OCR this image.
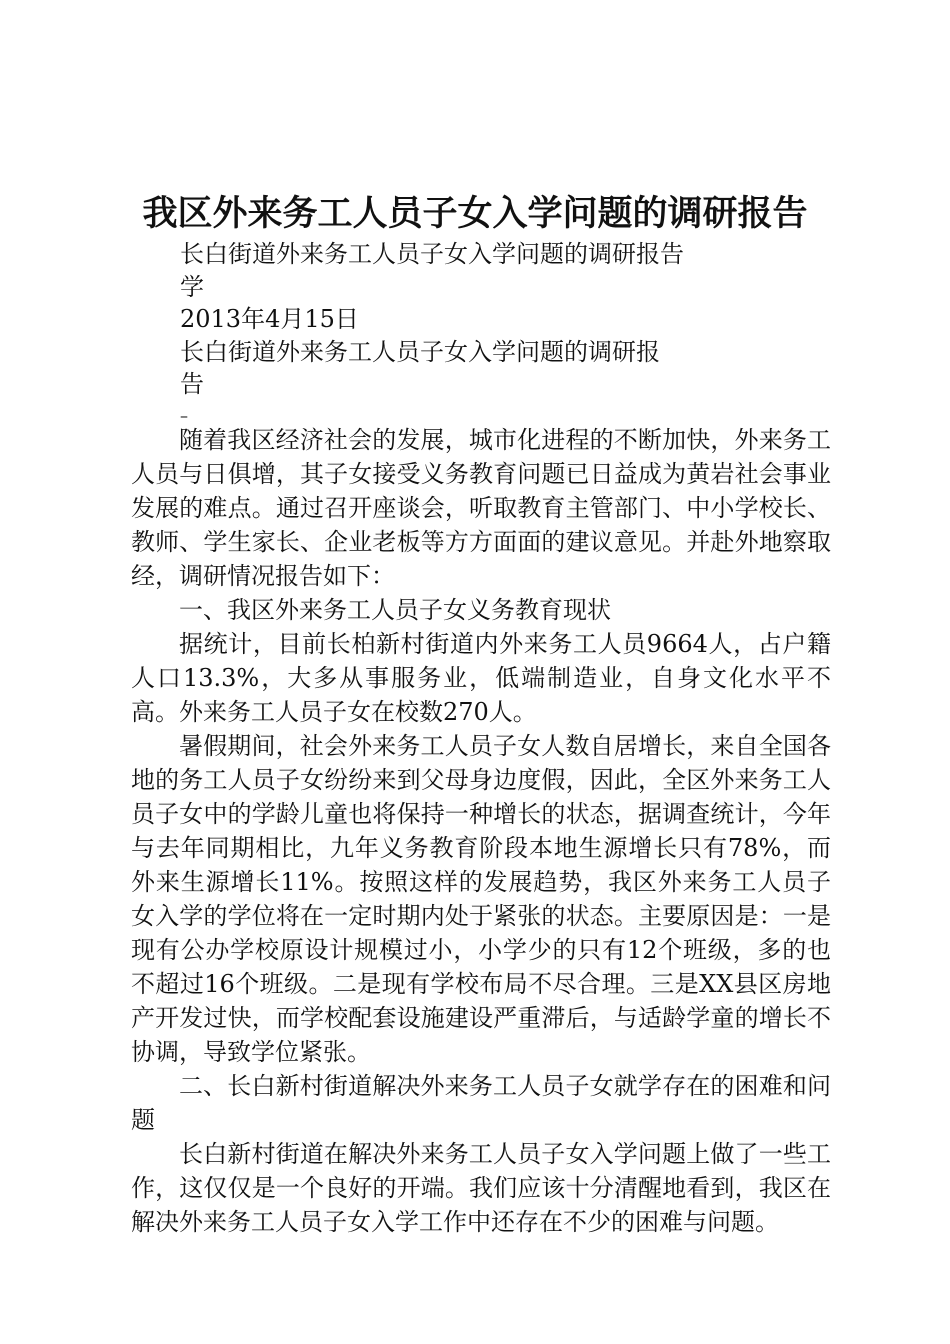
我区外来务工人员子女入学问题的调研报告
长白街道外来务工人员子女入学问题的调研报告
学
2013年4月15日
长白街道外来务工人员子女入学问题的调研报
告
–

随着我区经济社会的发展，城市化进程的不断加快，外来务工人员与日俱增，其子女接受义务教育问题已日益成为黄岩社会事业发展的难点。通过召开座谈会，听取教育主管部门、中小学校长、教师、学生家长、企业老板等方方面面的建议意见。并赴外地察取经，调研情况报告如下：

一、我区外来务工人员子女义务教育现状

据统计，目前长柏新村街道内外来务工人员9664人，占户籍人口13.3%，大多从事服务业，低端制造业，自身文化水平不高。外来务工人员子女在校数270人。

暑假期间，社会外来务工人员子女人数自居增长，来自全国各地的务工人员子女纷纷来到父母身边度假，因此，全区外来务工人员子女中的学龄儿童也将保持一种增长的状态，据调查统计，今年与去年同期相比，九年义务教育阶段本地生源增长只有78%，而外来生源增长11%。按照这样的发展趋势，我区外来务工人员子女入学的学位将在一定时期内处于紧张的状态。主要原因是：一是现有公办学校原设计规模过小，小学少的只有12个班级，多的也不超过16个班级。二是现有学校布局不尽合理。三是XX县区房地产开发过快，而学校配套设施建设严重滞后，与适龄学童的增长不协调，导致学位紧张。

二、长白新村街道解决外来务工人员子女就学存在的困难和问题

长白新村街道在解决外来务工人员子女入学问题上做了一些工作，这仅仅是一个良好的开端。我们应该十分清醒地看到，我区在解决外来务工人员子女入学工作中还存在不少的困难与问题。
